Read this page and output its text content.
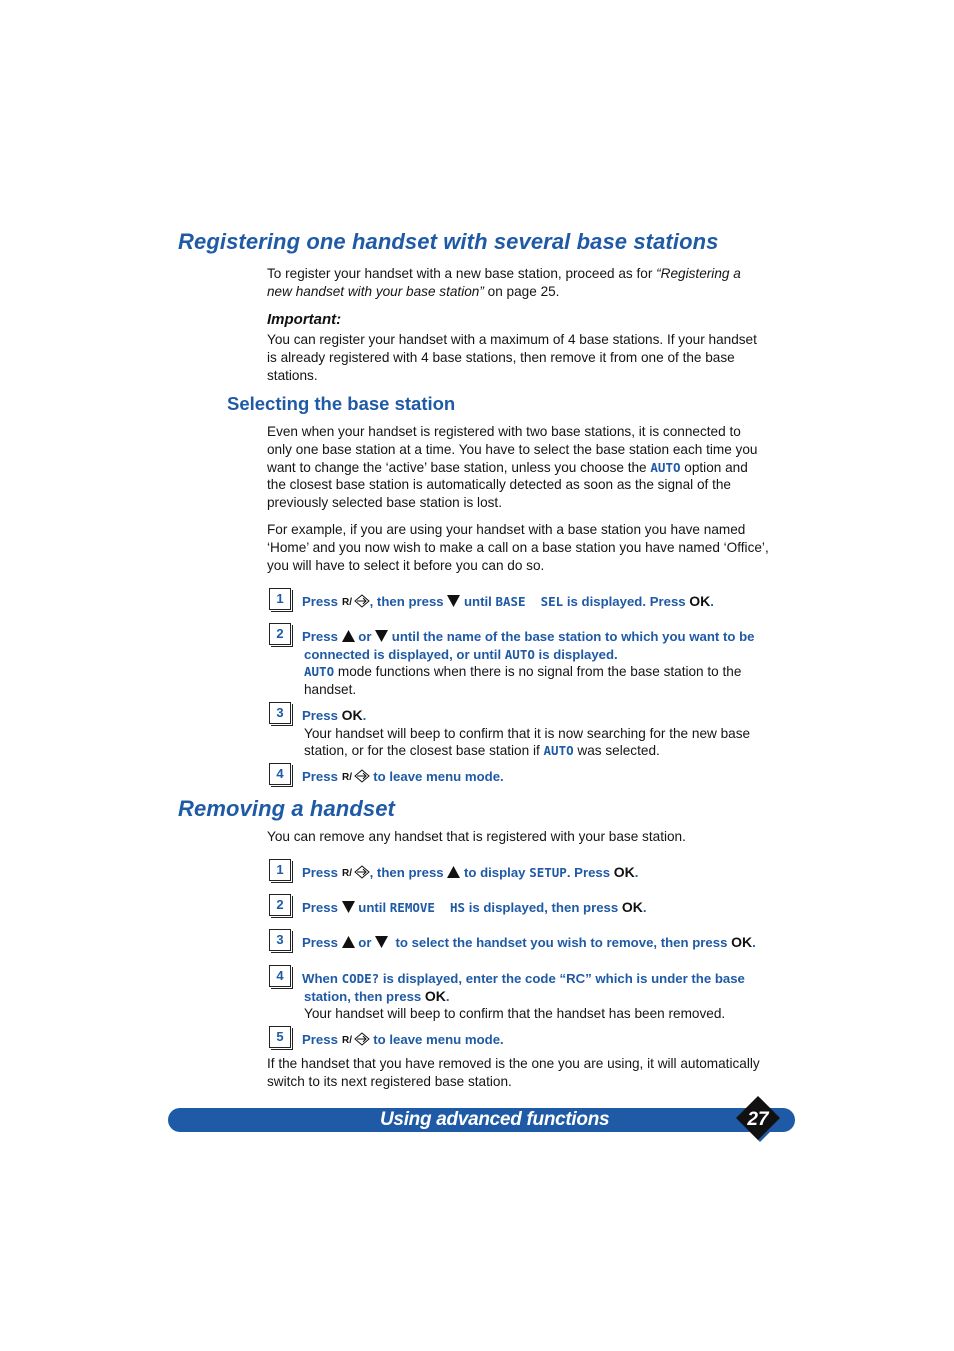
Registering one handset with several base stations
To register your handset with a new base station, proceed as for “Registering a
new handset with your base station” on page 25.
Important:
You can register your handset with a maximum of 4 base stations. If your handset
is already registered with 4 base stations, then remove it from one of the base
stations.
Selecting the base station
Even when your handset is registered with two base stations, it is connected to
only one base station at a time. You have to select the base station each time you
want to change the ‘active’ base station, unless you choose the AUTO option and
the closest base station is automatically detected as soon as the signal of the
previously selected base station is lost.
For example, if you are using your handset with a base station you have named
‘Home’ and you now wish to make a call on a base station you have named ‘Office’,
you will have to select it before you can do so.
1	Press , then press  until BASE  SEL is displayed. Press OK.
2	Press  or  until the name of the base station to which you want to be
connected is displayed, or until AUTO is displayed.
AUTO mode functions when there is no signal from the base station to the
handset.
3	Press OK.
Your handset will beep to confirm that it is now searching for the new base
station, or for the closest base station if AUTO was selected.
4	Press  to leave menu mode.
Removing a handset
You can remove any handset that is registered with your base station.
1	Press , then press  to display SETUP. Press OK.
2	Press  until REMOVE  HS is displayed, then press OK.
3	Press  or   to select the handset you wish to remove, then press OK.
4	When CODE? is displayed, enter the code “RC” which is under the base
station, then press OK.
Your handset will beep to confirm that the handset has been removed.
5	Press  to leave menu mode.
If the handset that you have removed is the one you are using, it will automatically
switch to its next registered base station.
Using advanced functions	27
